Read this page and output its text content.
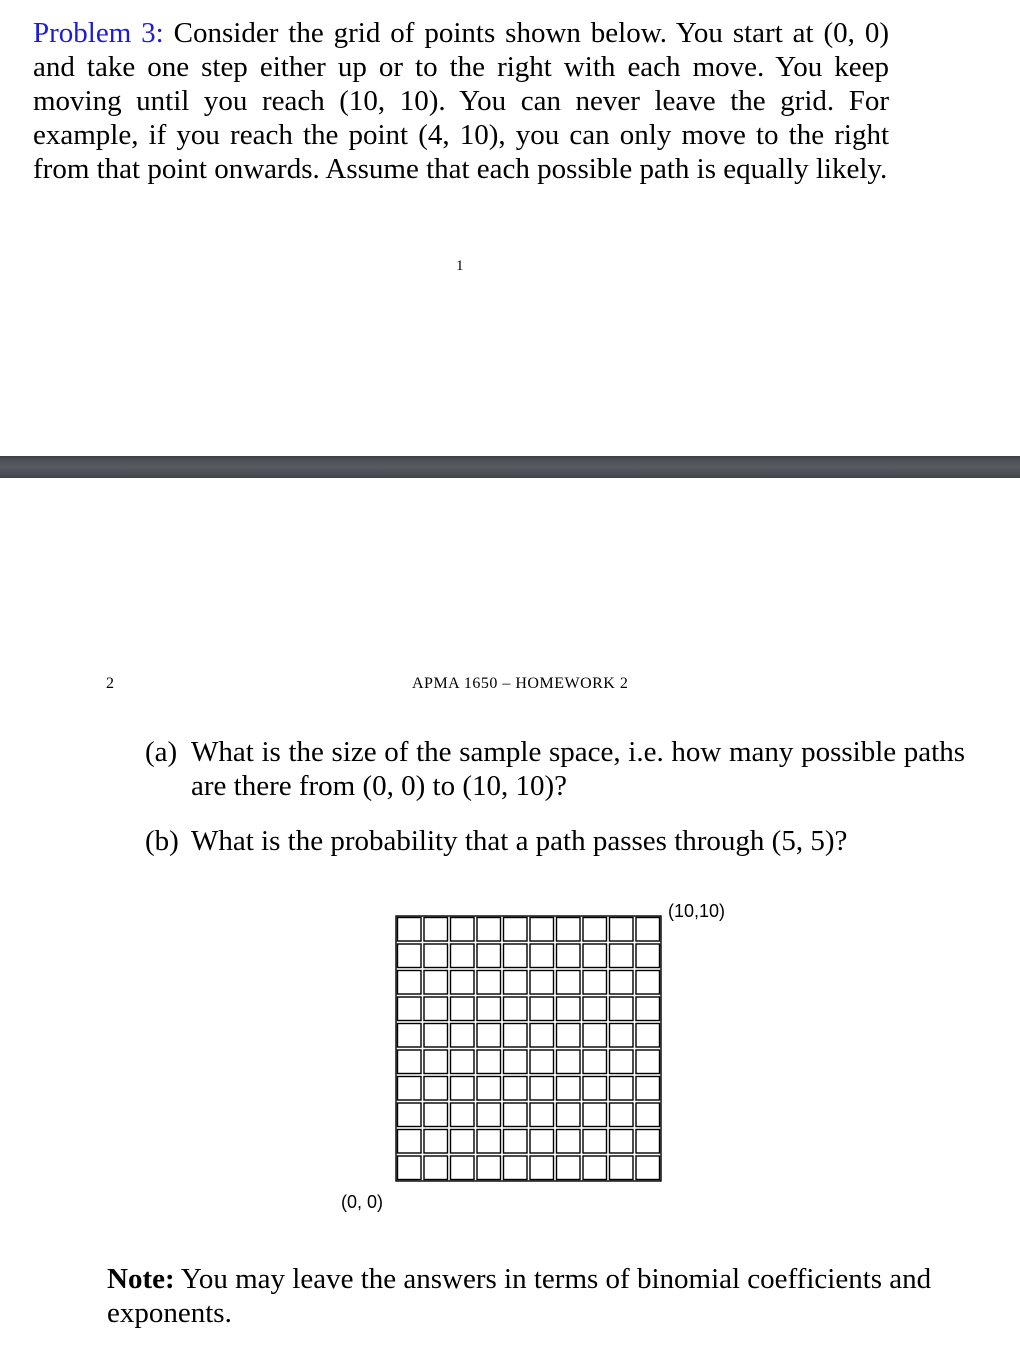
Problem 3: Consider the grid of points shown below. You start at (0, 0) and take one step either up or to the right with each move. You keep moving until you reach (10, 10). You can never leave the grid. For example, if you reach the point (4, 10), you can only move to the right from that point onwards. Assume that each possible path is equally likely.
1
2	APMA 1650 – HOMEWORK 2
(a) What is the size of the sample space, i.e. how many possible paths are there from (0, 0) to (10, 10)?
(b) What is the probability that a path passes through (5, 5)?
(10,10)
(0, 0)
Note: You may leave the answers in terms of binomial coefficients and exponents.
